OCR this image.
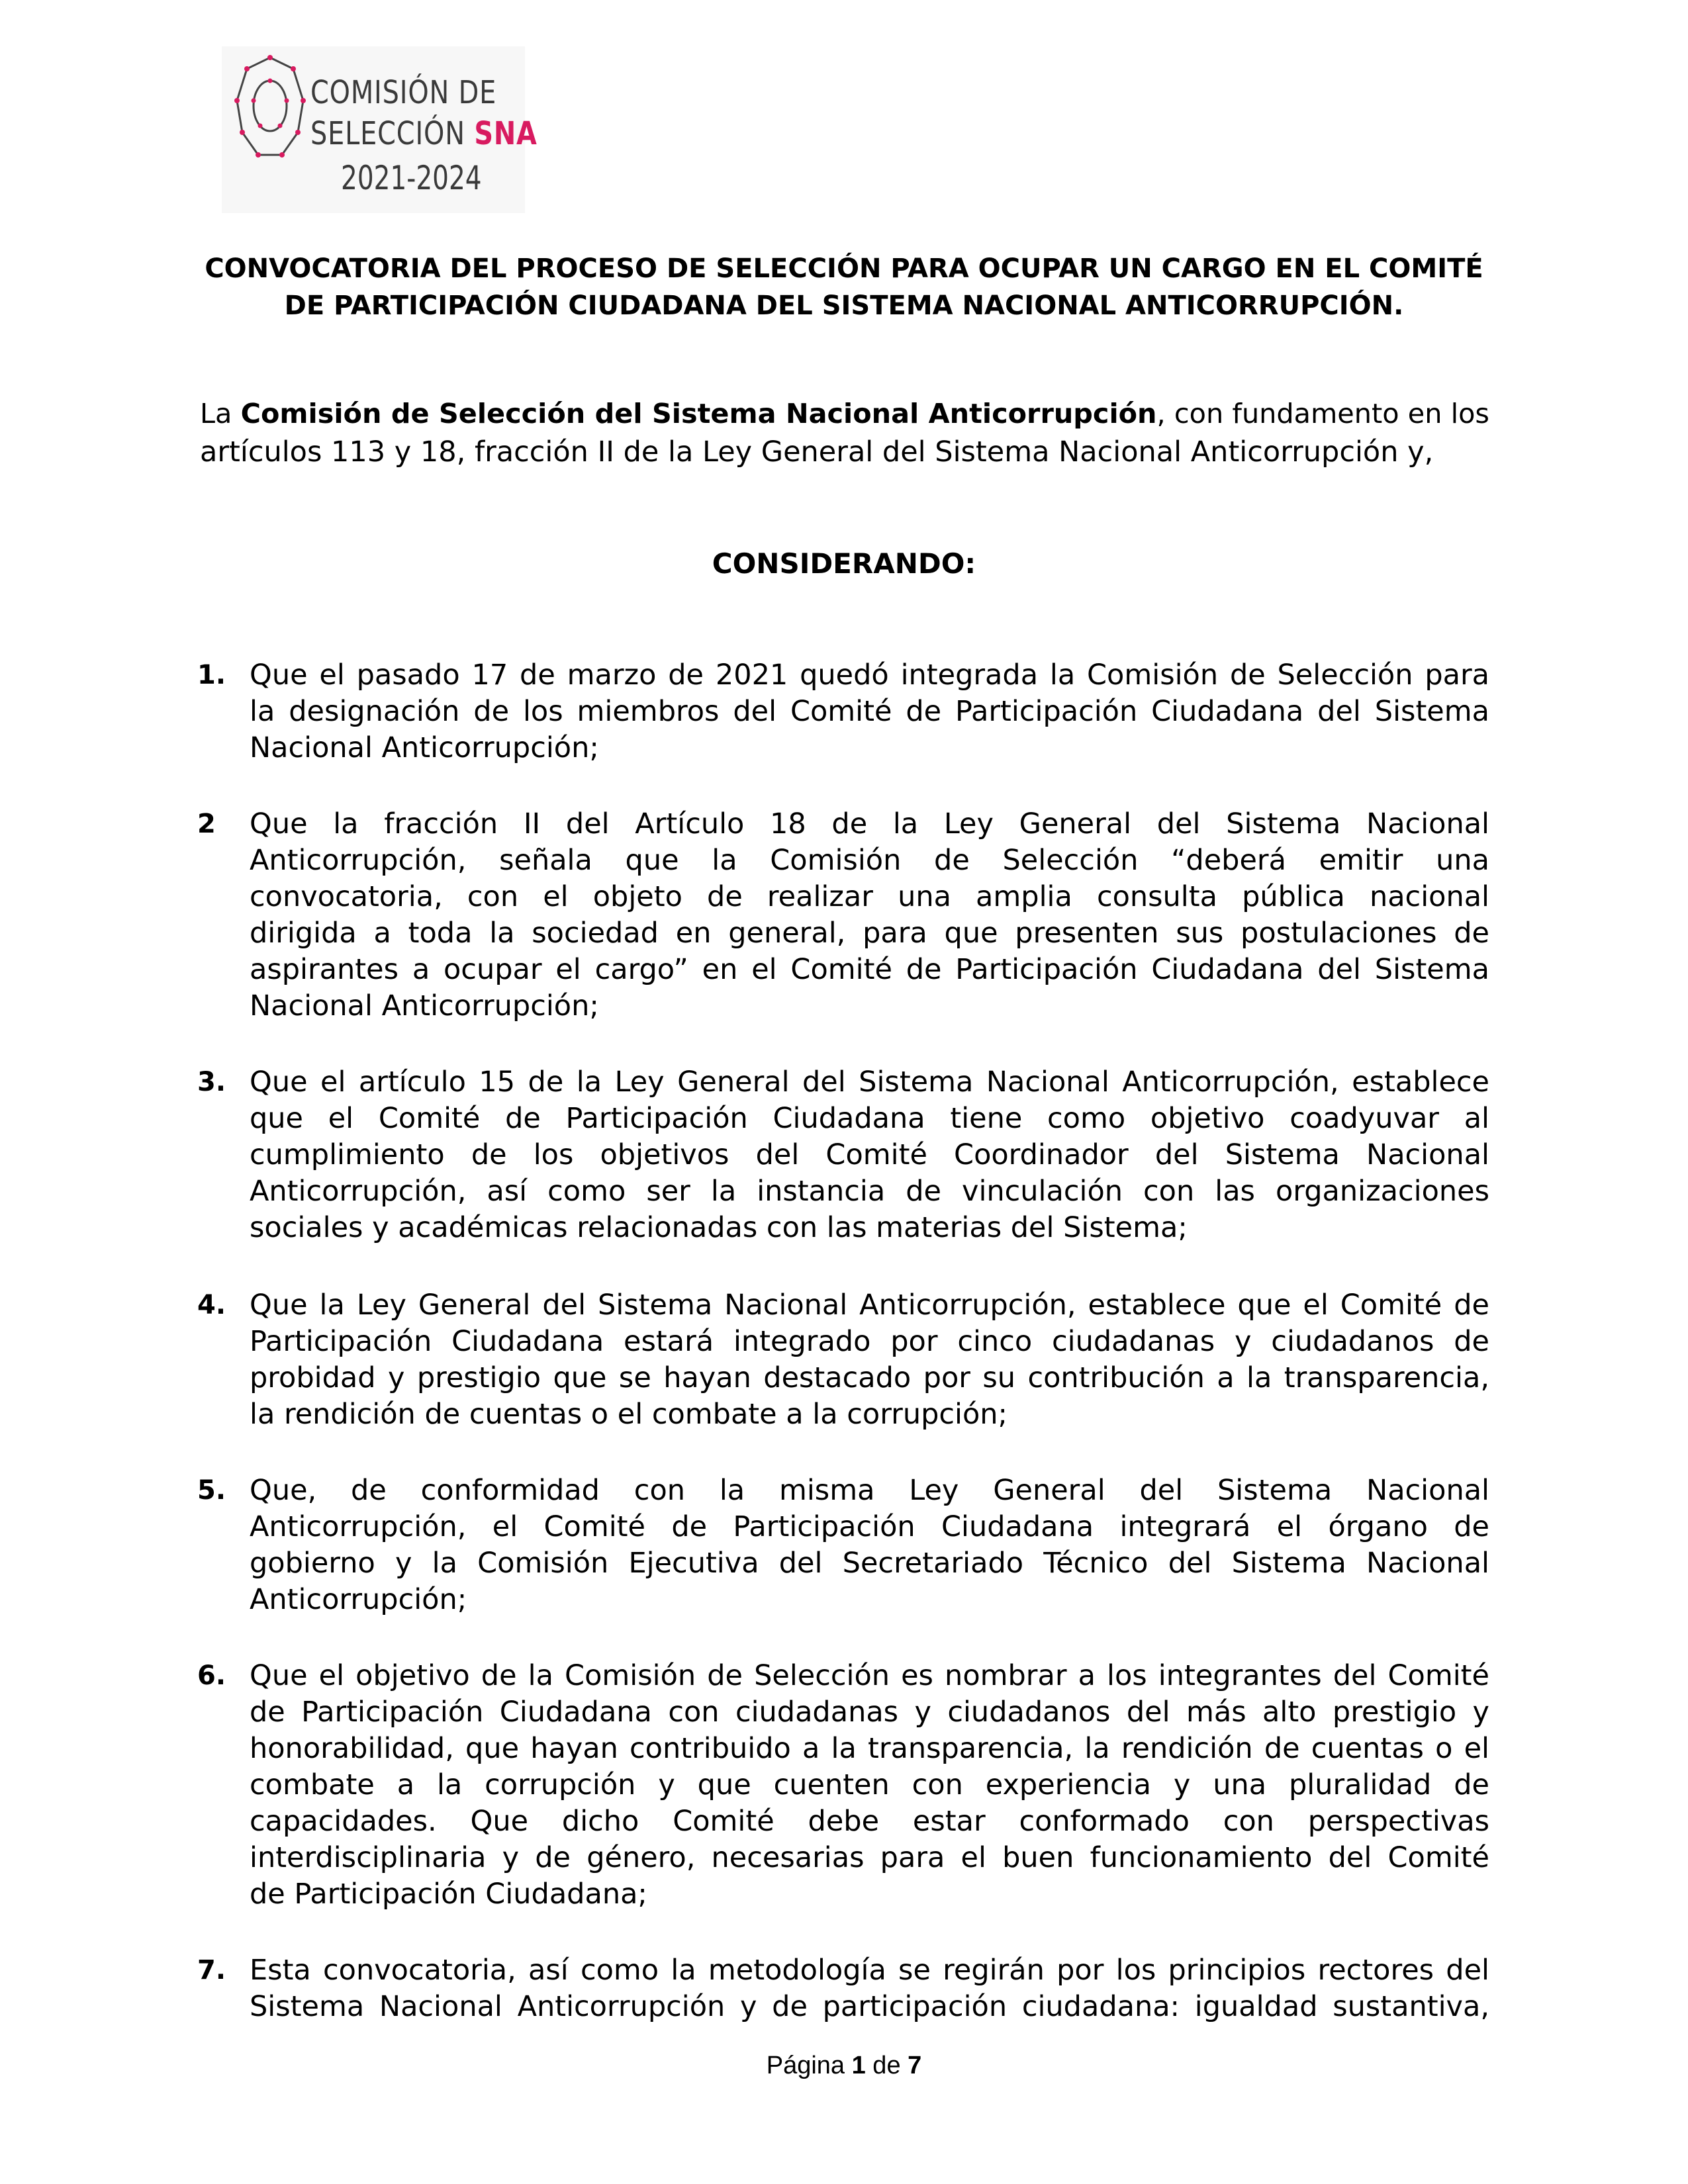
COMISIÓN DE
SELECCIÓN SNA
2021-2024
CONVOCATORIA DEL PROCESO DE SELECCIÓN PARA OCUPAR UN CARGO EN EL COMITÉ
DE PARTICIPACIÓN CIUDADANA DEL SISTEMA NACIONAL ANTICORRUPCIÓN.
La Comisión de Selección del Sistema Nacional Anticorrupción, con fundamento en los
artículos 113 y 18, fracción II de la Ley General del Sistema Nacional Anticorrupción y,
CONSIDERANDO:
1. Que el pasado 17 de marzo de 2021 quedó integrada la Comisión de Selección para
la designación de los miembros del Comité de Participación Ciudadana del Sistema
Nacional Anticorrupción;
2 Que la fracción II del Artículo 18 de la Ley General del Sistema Nacional
Anticorrupción, señala que la Comisión de Selección “deberá emitir una
convocatoria, con el objeto de realizar una amplia consulta pública nacional
dirigida a toda la sociedad en general, para que presenten sus postulaciones de
aspirantes a ocupar el cargo” en el Comité de Participación Ciudadana del Sistema
Nacional Anticorrupción;
3. Que el artículo 15 de la Ley General del Sistema Nacional Anticorrupción, establece
que el Comité de Participación Ciudadana tiene como objetivo coadyuvar al
cumplimiento de los objetivos del Comité Coordinador del Sistema Nacional
Anticorrupción, así como ser la instancia de vinculación con las organizaciones
sociales y académicas relacionadas con las materias del Sistema;
4. Que la Ley General del Sistema Nacional Anticorrupción, establece que el Comité de
Participación Ciudadana estará integrado por cinco ciudadanas y ciudadanos de
probidad y prestigio que se hayan destacado por su contribución a la transparencia,
la rendición de cuentas o el combate a la corrupción;
5. Que, de conformidad con la misma Ley General del Sistema Nacional
Anticorrupción, el Comité de Participación Ciudadana integrará el órgano de
gobierno y la Comisión Ejecutiva del Secretariado Técnico del Sistema Nacional
Anticorrupción;
6. Que el objetivo de la Comisión de Selección es nombrar a los integrantes del Comité
de Participación Ciudadana con ciudadanas y ciudadanos del más alto prestigio y
honorabilidad, que hayan contribuido a la transparencia, la rendición de cuentas o el
combate a la corrupción y que cuenten con experiencia y una pluralidad de
capacidades. Que dicho Comité debe estar conformado con perspectivas
interdisciplinaria y de género, necesarias para el buen funcionamiento del Comité
de Participación Ciudadana;
7. Esta convocatoria, así como la metodología se regirán por los principios rectores del
Sistema Nacional Anticorrupción y de participación ciudadana: igualdad sustantiva,
Página 1 de 7
